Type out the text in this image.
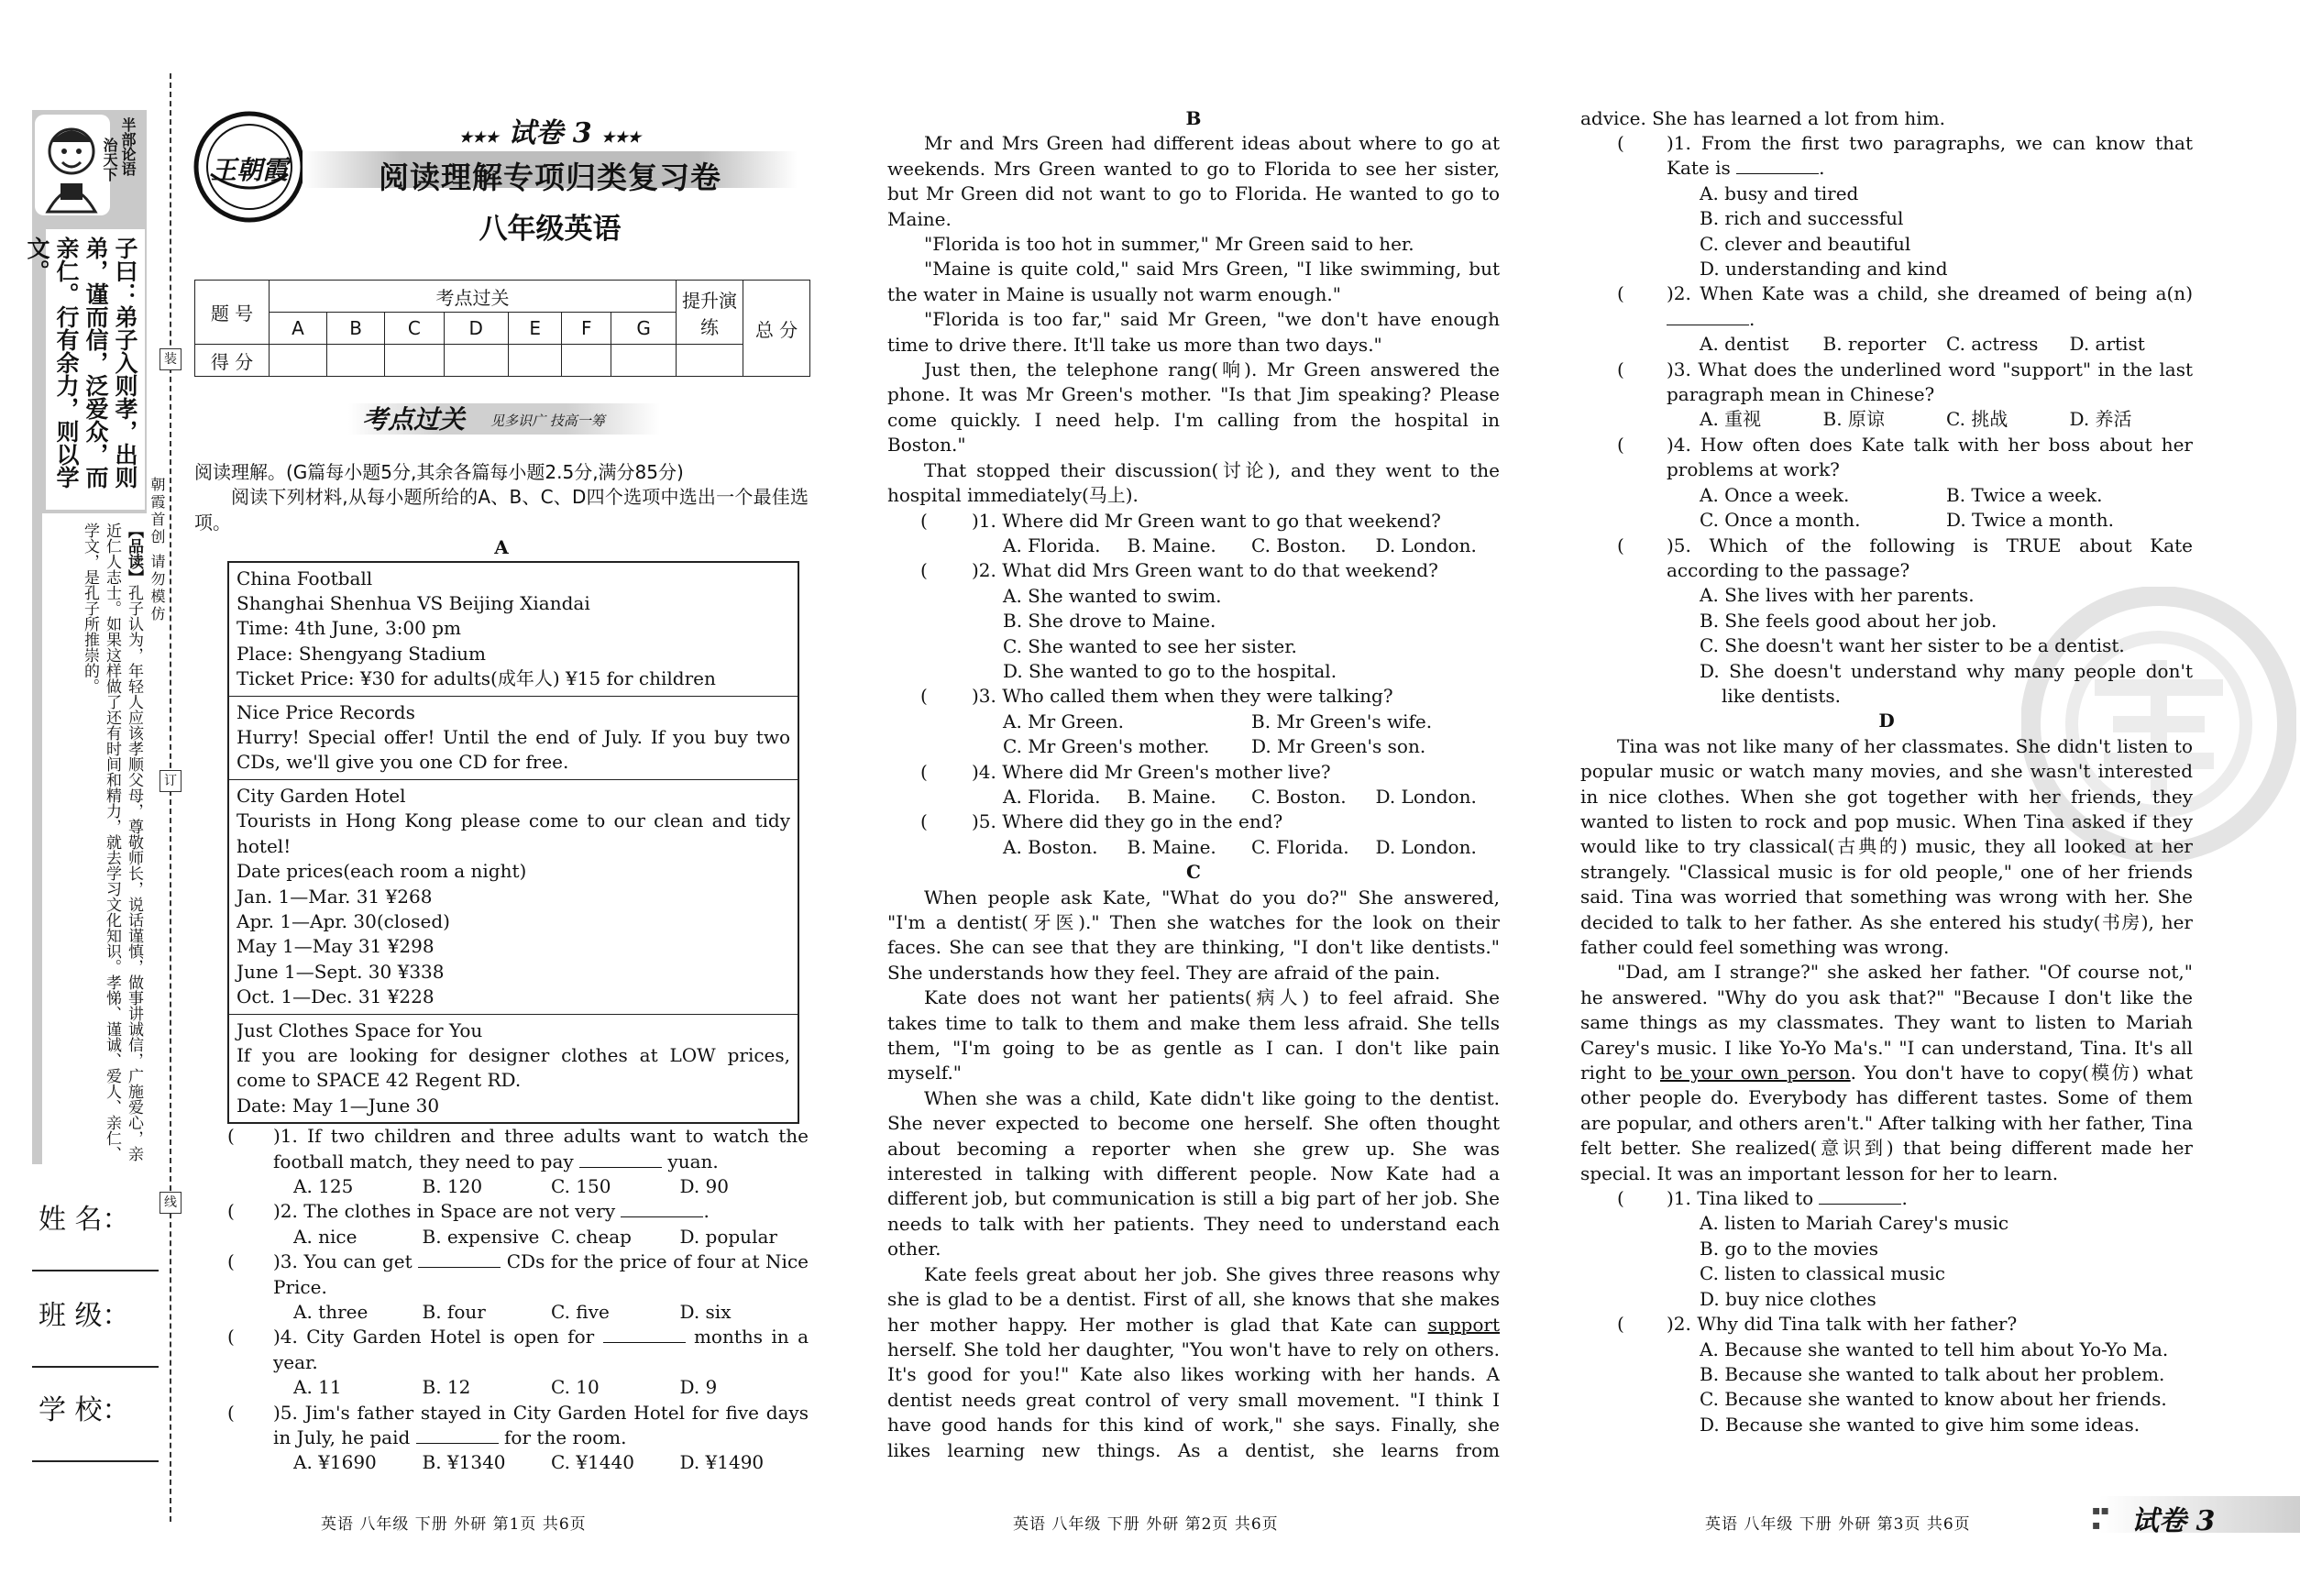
半部论语
治天下
子曰：弟子入则孝，出则弟，谨而信，泛爱众，而亲仁。行有余力，则以学文。
【品读】孔子认为，年轻人应该孝顺父母，尊敬师长，说话谨慎，做事讲诚信，广施爱心，亲近仁人志士。如果这样做了还有时间和精力，就去学习文化知识。孝悌、谨诚、爱人、亲仁、学文，是孔子所推崇的。
装
订
线
朝霞首创 请勿模仿
姓 名：
班 级：
学 校：
王朝霞
★★★ 试卷 3 ★★★
阅读理解专项归类复习卷
八年级英语
题 号	考点过关							提升演练	总 分
	A	B	C	D	E	F	G		
得 分									
考点过关 见多识广 技高一筹

阅读理解。(G篇每小题5分,其余各篇每小题2.5分,满分85分)

阅读下列材料,从每小题所给的A、B、C、D四个选项中选出一个最佳选项。

A

China Football
Shanghai Shenhua VS Beijing Xiandai
Time: 4th June, 3:00 pm
Place: Shengyang Stadium
Ticket Price: ¥30 for adults(成年人) ¥15 for children
Nice Price Records
Hurry! Special offer! Until the end of July. If you buy two CDs, we'll give you one CD for free.
City Garden Hotel
Tourists in Hong Kong please come to our clean and tidy hotel!
Date prices(each room a night)
Jan. 1—Mar. 31 ¥268
Apr. 1—Apr. 30(closed)
May 1—May 31 ¥298
June 1—Sept. 30 ¥338
Oct. 1—Dec. 31 ¥228
Just Clothes Space for You
If you are looking for designer clothes at LOW prices, come to SPACE 42 Regent RD.
Date: May 1—June 30
(	)1. If two children and three adults want to watch the football match, they need to pay	yuan.
A. 125	B. 120	C. 150	D. 90
(	)2. The clothes in Space are not very	.
A. nice	B. expensive C. cheap	D. popular
(	)3. You can get	CDs for the price of four at Nice Price.
A. three	B. four	C. five	D. six
(	)4. City Garden Hotel is open for	months in a year.
A. 11	B. 12	C. 10	D. 9
(	)5. Jim's father stayed in City Garden Hotel for five days in July, he paid	for the room.
A. ¥1690	B. ¥1340	C. ¥1440	D. ¥1490

B

Mr and Mrs Green had different ideas about where to go at weekends. Mrs Green wanted to go to Florida to see her sister, but Mr Green did not want to go to Florida. He wanted to go to Maine.

"Florida is too hot in summer," Mr Green said to her.

"Maine is quite cold," said Mrs Green, "I like swimming, but the water in Maine is usually not warm enough."

"Florida is too far," said Mr Green, "we don't have enough time to drive there. It'll take us more than two days."

Just then, the telephone rang(响). Mr Green answered the phone. It was Mr Green's mother. "Is that Jim speaking? Please come quickly. I need help. I'm calling from the hospital in Boston."

That stopped their discussion(讨论), and they went to the hospital immediately(马上).

(	)1. Where did Mr Green want to go that weekend?
A. Florida.	B. Maine.	C. Boston.	D. London.
(	)2. What did Mrs Green want to do that weekend?
A. She wanted to swim.
B. She drove to Maine.
C. She wanted to see her sister.
D. She wanted to go to the hospital.
(	)3. Who called them when they were talking?
A. Mr Green.	B. Mr Green's wife.
C. Mr Green's mother.	D. Mr Green's son.
(	)4. Where did Mr Green's mother live?
A. Florida.	B. Maine.	C. Boston.	D. London.
(	)5. Where did they go in the end?
A. Boston.	B. Maine.	C. Florida.	D. London.

C

When people ask Kate, "What do you do?" She answered, "I'm a dentist(牙医)." Then she watches for the look on their faces. She can see that they are thinking, "I don't like dentists." She understands how they feel. They are afraid of the pain.

Kate does not want her patients(病人) to feel afraid. She takes time to talk to them and make them less afraid. She tells them, "I'm going to be as gentle as I can. I don't like pain myself."

When she was a child, Kate didn't like going to the dentist. She never expected to become one herself. She often thought about becoming a reporter when she grew up. She was interested in talking with different people. Now Kate had a different job, but communication is still a big part of her job. She needs to talk with her patients. They need to understand each other.

Kate feels great about her job. She gives three reasons why she is glad to be a dentist. First of all, she knows that she makes her mother happy. Her mother is glad that Kate can support herself. She told her daughter, "You won't have to rely on others. It's good for you!" Kate also likes working with her hands. A dentist needs great control of very small movement. "I think I have good hands for this kind of work," she says. Finally, she likes learning new things. As a dentist, she learns from

advice. She has learned a lot from him.

(	)1. From the first two paragraphs, we can know that Kate is	.
A. busy and tired
B. rich and successful
C. clever and beautiful
D. understanding and kind
(	)2. When Kate was a child, she dreamed of being a(n) .
A. dentist	B. reporter	C. actress	D. artist
(	)3. What does the underlined word "support" in the last paragraph mean in Chinese?
A. 重视	B. 原谅	C. 挑战	D. 养活
(	)4. How often does Kate talk with her boss about her problems at work?
A. Once a week.	B. Twice a week.
C. Once a month.	D. Twice a month.
(	)5. Which of the following is TRUE about Kate according to the passage?
A. She lives with her parents.
B. She feels good about her job.
C. She doesn't want her sister to be a dentist.
D. She doesn't understand why many people don't like dentists.

D

Tina was not like many of her classmates. She didn't listen to popular music or watch many movies, and she wasn't interested in nice clothes. When she got together with her friends, they wanted to listen to rock and pop music. When Tina asked if they would like to try classical(古典的) music, they all looked at her strangely. "Classical music is for old people," one of her friends said. Tina was worried that something was wrong with her. She decided to talk to her father. As she entered his study(书房), her father could feel something was wrong.

"Dad, am I strange?" she asked her father. "Of course not," he answered. "Why do you ask that?" "Because I don't like the same things as my classmates. They want to listen to Mariah Carey's music. I like Yo-Yo Ma's." "I can understand, Tina. It's all right to be your own person. You don't have to copy(模仿) what other people do. Everybody has different tastes. Some of them are popular, and others aren't." After talking with her father, Tina felt better. She realized(意识到) that being different made her special. It was an important lesson for her to learn.

(	)1. Tina liked to	.
A. listen to Mariah Carey's music
B. go to the movies
C. listen to classical music
D. buy nice clothes
(	)2. Why did Tina talk with her father?
A. Because she wanted to tell him about Yo-Yo Ma.
B. Because she wanted to talk about her problem.
C. Because she wanted to know about her friends.
D. Because she wanted to give him some ideas.
英语 八年级 下册 外研 第1页 共6页	英语 八年级 下册 外研 第2页 共6页	英语 八年级 下册 外研 第3页 共6页
▪▪
▪	试卷 3
